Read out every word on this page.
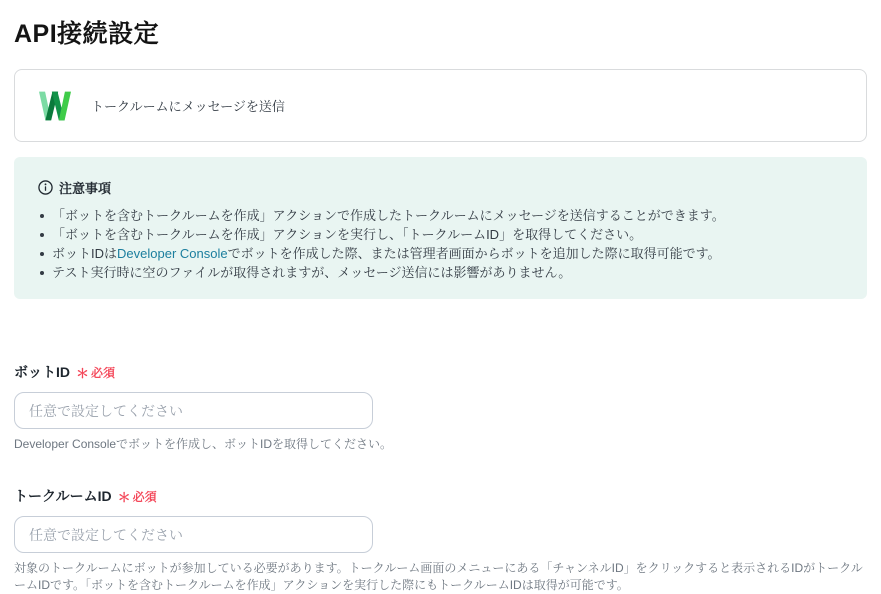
API接続設定
トークルームにメッセージを送信
注意事項
「ボットを含むトークルームを作成」アクションで作成したトークルームにメッセージを送信することができます。
「ボットを含むトークルームを作成」アクションを実行し、「トークルームID」を取得してください。
ボットIDはDeveloper Consoleでボットを作成した際、または管理者画面からボットを追加した際に取得可能です。
テスト実行時に空のファイルが取得されますが、メッセージ送信には影響がありません。
ボットID ＊ 必須
任意で設定してください

Developer Consoleでボットを作成し、ボットIDを取得してください。

トークルームID ＊ 必須
任意で設定してください

対象のトークルームにボットが参加している必要があります。トークルーム画面のメニューにある「チャンネルID」をクリックすると表示されるIDがトークルームIDです。「ボットを含むトークルームを作成」アクションを実行した際にもトークルームIDは取得が可能です。
